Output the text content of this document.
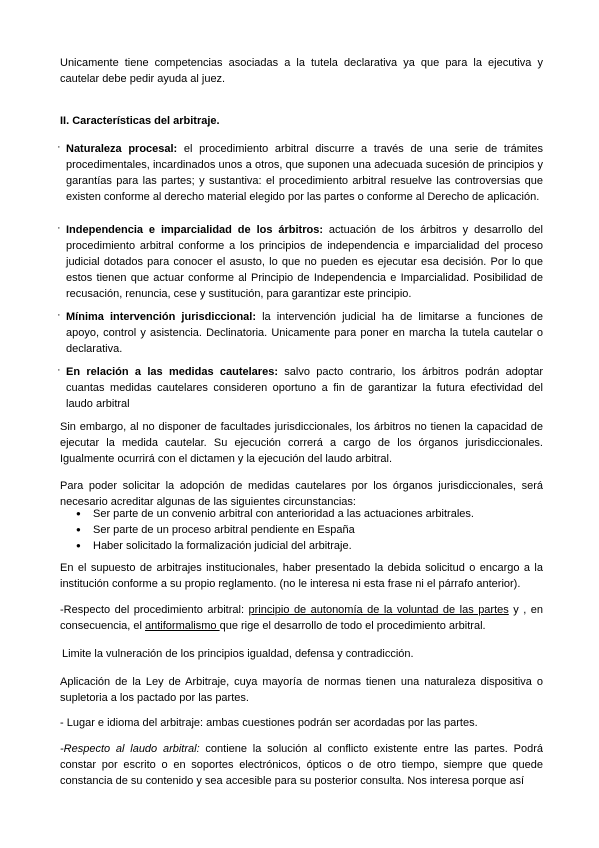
Unicamente tiene competencias asociadas a la tutela declarativa ya que para la ejecutiva y cautelar debe pedir ayuda al juez.
II. Características del arbitraje.
· Naturaleza procesal: el procedimiento arbitral discurre a través de una serie de trámites procedimentales, incardinados unos a otros, que suponen una adecuada sucesión de principios y garantías para las partes; y sustantiva: el procedimiento arbitral resuelve las controversias que existen conforme al derecho material elegido por las partes o conforme al Derecho de aplicación.
· Independencia e imparcialidad de los árbitros: actuación de los árbitros y desarrollo del procedimiento arbitral conforme a los principios de independencia e imparcialidad del proceso judicial dotados para conocer el asusto, lo que no pueden es ejecutar esa decisión. Por lo que estos tienen que actuar conforme al Principio de Independencia e Imparcialidad. Posibilidad de recusación, renuncia, cese y sustitución, para garantizar este principio.
· Mínima intervención jurisdiccional: la intervención judicial ha de limitarse a funciones de apoyo, control y asistencia. Declinatoria. Unicamente para poner en marcha la tutela cautelar o declarativa.
· En relación a las medidas cautelares: salvo pacto contrario, los árbitros podrán adoptar cuantas medidas cautelares consideren oportuno a fin de garantizar la futura efectividad del laudo arbitral
Sin embargo, al no disponer de facultades jurisdiccionales, los árbitros no tienen la capacidad de ejecutar la medida cautelar. Su ejecución correrá a cargo de los órganos jurisdiccionales. Igualmente ocurrirá con el dictamen y la ejecución del laudo arbitral.
Para poder solicitar la adopción de medidas cautelares por los órganos jurisdiccionales, será necesario acreditar algunas de las siguientes circunstancias:
● Ser parte de un convenio arbitral con anterioridad a las actuaciones arbitrales.
● Ser parte de un proceso arbitral pendiente en España
● Haber solicitado la formalización judicial del arbitraje.
En el supuesto de arbitrajes institucionales, haber presentado la debida solicitud o encargo a la institución conforme a su propio reglamento. (no le interesa ni esta frase ni el párrafo anterior).
-Respecto del procedimiento arbitral: principio de autonomía de la voluntad de las partes y , en consecuencia, el antiformalismo que rige el desarrollo de todo el procedimiento arbitral.
Limite la vulneración de los principios igualdad, defensa y contradicción.
Aplicación de la Ley de Arbitraje, cuya mayoría de normas tienen una naturaleza dispositiva o supletoria a los pactado por las partes.
- Lugar e idioma del arbitraje: ambas cuestiones podrán ser acordadas por las partes.
-Respecto al laudo arbitral: contiene la solución al conflicto existente entre las partes. Podrá constar por escrito o en soportes electrónicos, ópticos o de otro tiempo, siempre que quede constancia de su contenido y sea accesible para su posterior consulta. Nos interesa porque así
